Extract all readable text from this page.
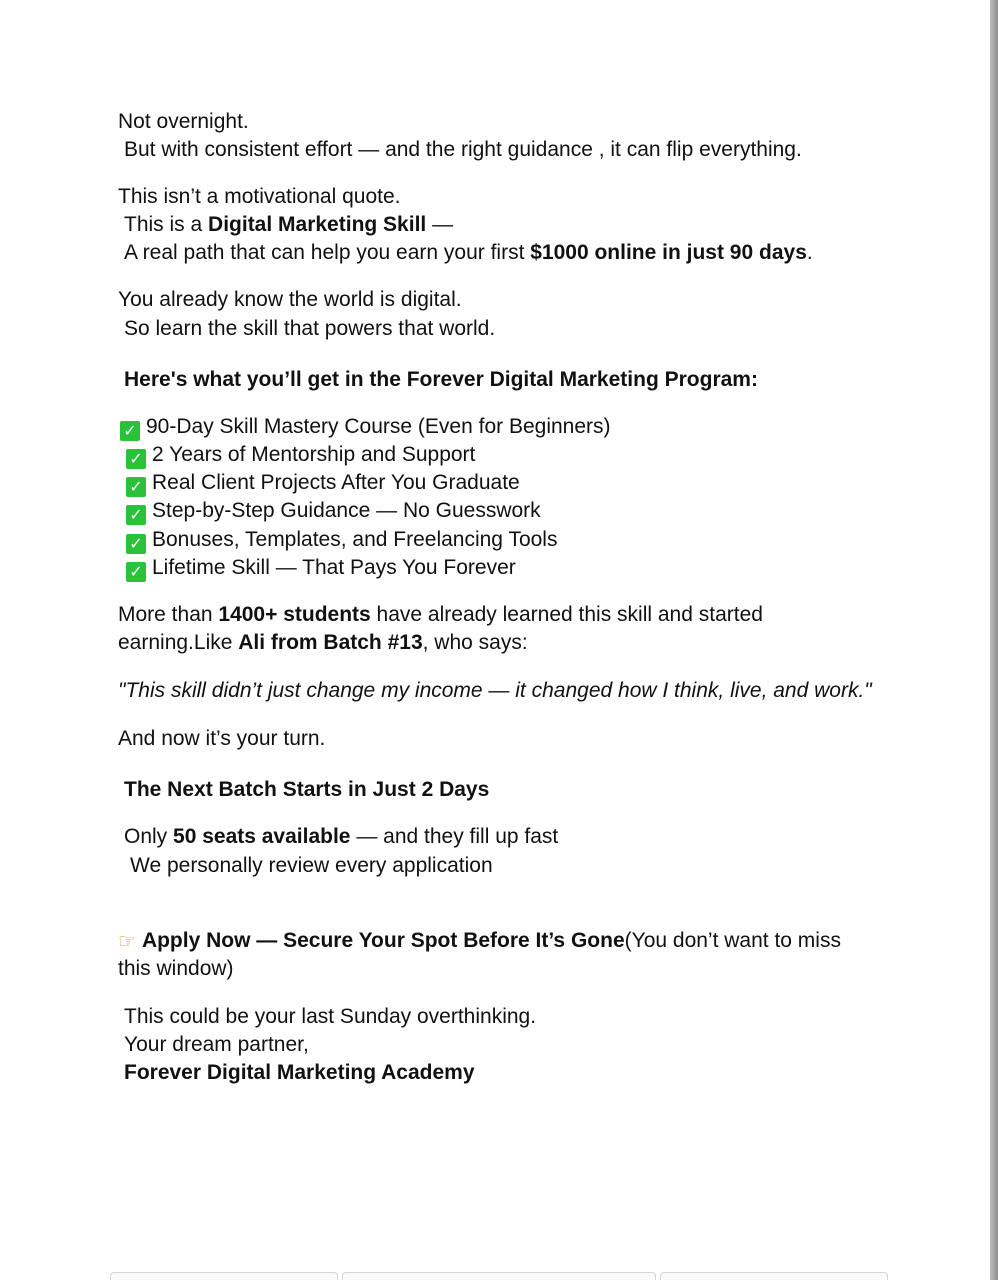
Not overnight.
But with consistent effort — and the right guidance , it can flip everything.
This isn’t a motivational quote.
This is a Digital Marketing Skill —
A real path that can help you earn your first $1000 online in just 90 days.
You already know the world is digital.
So learn the skill that powers that world.
Here's what you’ll get in the Forever Digital Marketing Program:
✓ 90-Day Skill Mastery Course (Even for Beginners)
✓ 2 Years of Mentorship and Support
✓ Real Client Projects After You Graduate
✓ Step-by-Step Guidance — No Guesswork
✓ Bonuses, Templates, and Freelancing Tools
✓ Lifetime Skill — That Pays You Forever
More than 1400+ students have already learned this skill and started
earning.Like Ali from Batch #13, who says:
"This skill didn’t just change my income — it changed how I think, live, and work."
And now it’s your turn.
The Next Batch Starts in Just 2 Days
Only 50 seats available — and they fill up fast
We personally review every application
☞ Apply Now — Secure Your Spot Before It’s Gone(You don’t want to miss
this window)
This could be your last Sunday overthinking.
Your dream partner,
Forever Digital Marketing Academy
